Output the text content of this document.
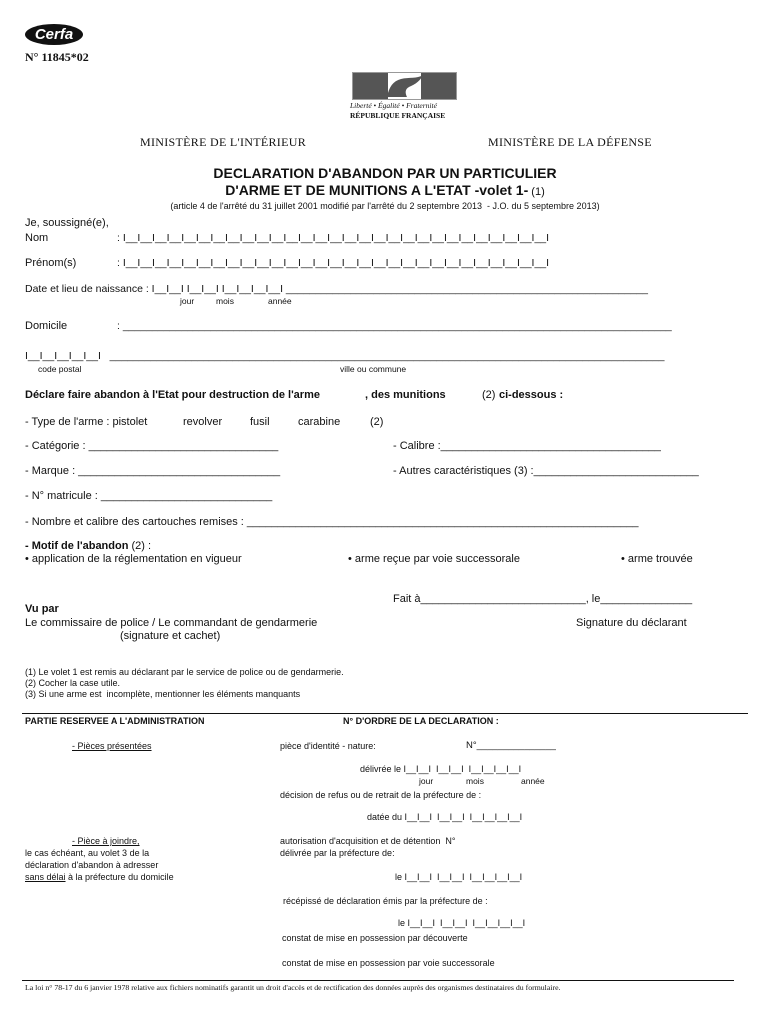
Cerfa
N° 11845*02
Liberté • Égalité • Fraternité
RÉPUBLIQUE FRANÇAISE
MINISTÈRE DE L'INTÉRIEUR	MINISTÈRE DE LA DÉFENSE
DECLARATION D'ABANDON PAR UN PARTICULIER
D'ARME ET DE MUNITIONS A L'ETAT -volet 1- (1)
(article 4 de l'arrêté du 31 juillet 2001 modifié par l'arrêté du 2 septembre 2013  - J.O. du 5 septembre 2013)
Je, soussigné(e),
Nom	: I__I__I__I__I__I__I__I__I__I__I__I__I__I__I__I__I__I__I__I__I__I__I__I__I__I__I__I__I__I
Prénom(s)	: I__I__I__I__I__I__I__I__I__I__I__I__I__I__I__I__I__I__I__I__I__I__I__I__I__I__I__I__I__I
Date et lieu de naissance : I__I__I I__I__I I__I__I__I__I ______________________________________________________________
jour	mois	année
Domicile	: ______________________________________________________________________________________________
I__I__I__I__I__I   _______________________________________________________________________________________________
code postal	ville ou commune
Déclare faire abandon à l'Etat pour destruction de l'arme	, des munitions	(2) ci-dessous :
- Type de l'arme : pistolet	revolver	fusil	carabine	(2)
- Catégorie : _______________________________	- Calibre :____________________________________
- Marque : _________________________________	- Autres caractéristiques (3) :___________________________
- N° matricule : ____________________________
- Nombre et calibre des cartouches remises : ________________________________________________________________
- Motif de l'abandon (2) :
• application de la réglementation en vigueur	• arme reçue par voie successorale	• arme trouvée
Fait à___________________________, le_______________
Vu par
Le commissaire de police / Le commandant de gendarmerie
(signature et cachet)
Signature du déclarant
(1) Le volet 1 est remis au déclarant par le service de police ou de gendarmerie.
(2) Cocher la case utile.
(3) Si une arme est  incomplète, mentionner les éléments manquants
PARTIE RESERVEE A L'ADMINISTRATION	N° D'ORDRE DE LA DECLARATION :
- Pièces présentées	pièce d'identité - nature:	N°_______________
délivrée le I__I__I  I__I__I  I__I__I__I__I
jour	mois	année
décision de refus ou de retrait de la préfecture de :
datée du I__I__I  I__I__I  I__I__I__I__I
- Pièce à joindre,
le cas échéant, au volet 3 de la
déclaration d'abandon à adresser
sans délai à la préfecture du domicile
autorisation d'acquisition et de détention  N°
délivrée par la préfecture de:
le I__I__I  I__I__I  I__I__I__I__I
récépissé de déclaration émis par la préfecture de :
le I__I__I  I__I__I  I__I__I__I__I
constat de mise en possession par découverte
constat de mise en possession par voie successorale
La loi n° 78-17 du 6 janvier 1978 relative aux fichiers nominatifs garantit un droit d'accès et de rectification des données auprès des organismes destinataires du formulaire.
